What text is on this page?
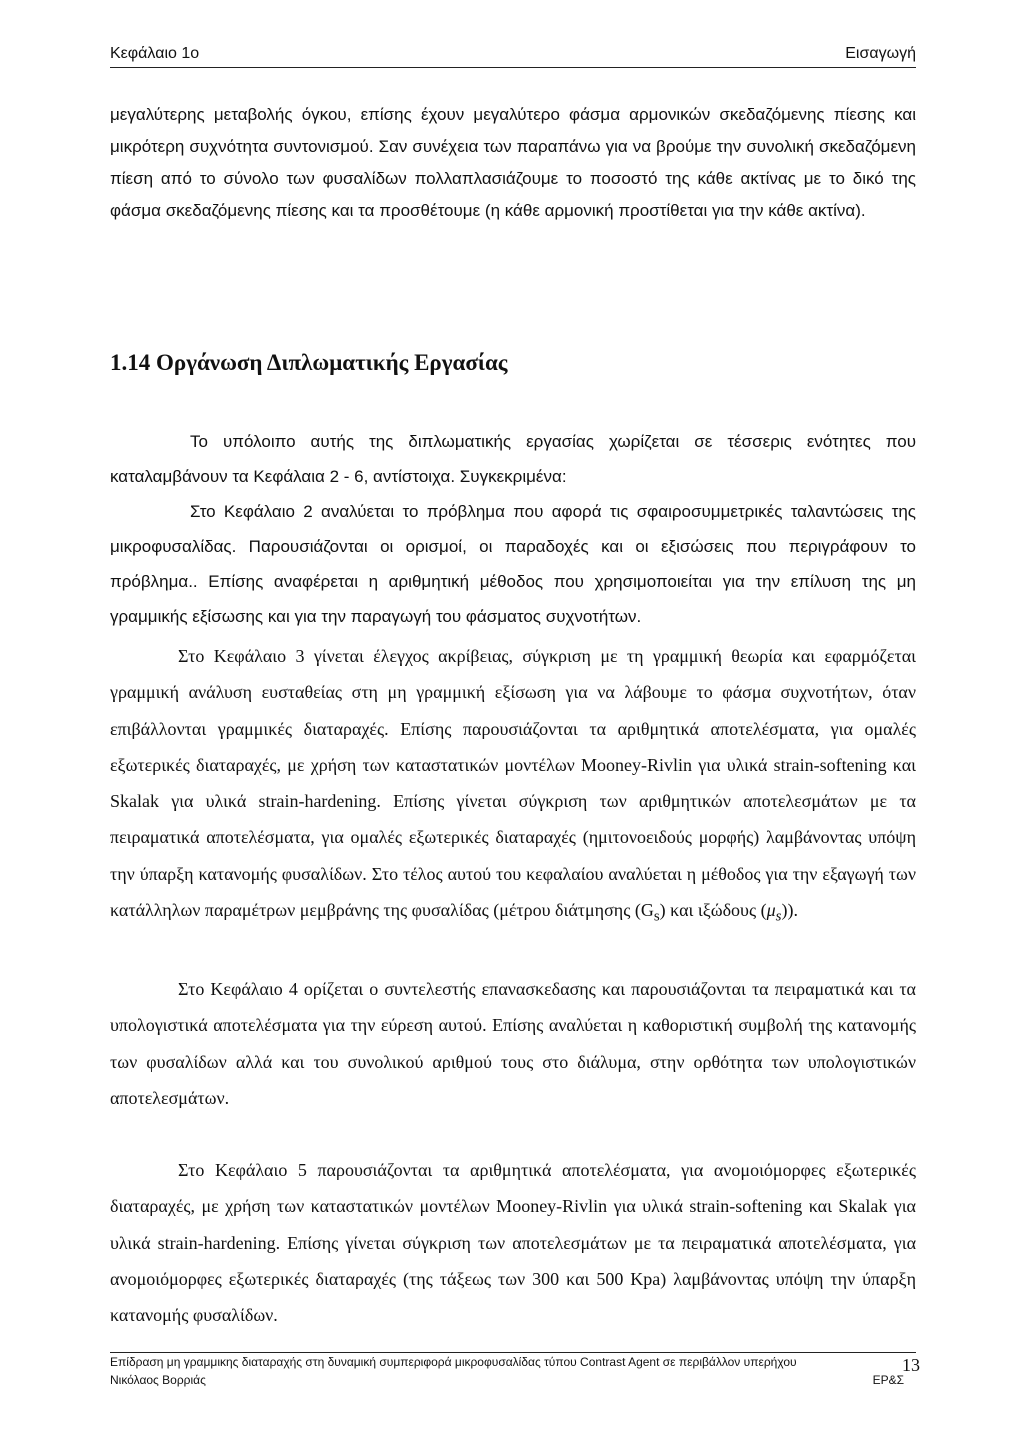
Κεφάλαιο 1ο	Εισαγωγή
μεγαλύτερης μεταβολής όγκου, επίσης έχουν μεγαλύτερο φάσμα αρμονικών σκεδαζόμενης πίεσης και μικρότερη συχνότητα συντονισμού. Σαν συνέχεια των παραπάνω για να βρούμε την συνολική σκεδαζόμενη πίεση από το σύνολο των φυσαλίδων πολλαπλασιάζουμε το ποσοστό της κάθε ακτίνας με το δικό της φάσμα σκεδαζόμενης πίεσης και τα προσθέτουμε (η κάθε αρμονική προστίθεται για την κάθε ακτίνα).
1.14 Οργάνωση Διπλωματικής Εργασίας

Το υπόλοιπο αυτής της διπλωματικής εργασίας χωρίζεται σε τέσσερις ενότητες που καταλαμβάνουν τα Κεφάλαια 2 - 6, αντίστοιχα. Συγκεκριμένα:

Στο Κεφάλαιο 2 αναλύεται το πρόβλημα που αφορά τις σφαιροσυμμετρικές ταλαντώσεις της μικροφυσαλίδας. Παρουσιάζονται οι ορισμοί, οι παραδοχές και οι εξισώσεις που περιγράφουν το πρόβλημα.. Επίσης αναφέρεται η αριθμητική μέθοδος που χρησιμοποιείται για την επίλυση της μη γραμμικής εξίσωσης και για την παραγωγή του φάσματος συχνοτήτων.

Στο Κεφάλαιο 3 γίνεται έλεγχος ακρίβειας, σύγκριση με τη γραμμική θεωρία και εφαρμόζεται γραμμική ανάλυση ευσταθείας στη μη γραμμική εξίσωση για να λάβουμε το φάσμα συχνοτήτων, όταν επιβάλλονται γραμμικές διαταραχές. Επίσης παρουσιάζονται τα αριθμητικά αποτελέσματα, για ομαλές εξωτερικές διαταραχές, με χρήση των καταστατικών μοντέλων Mooney-Rivlin για υλικά strain-softening και Skalak για υλικά strain-hardening. Επίσης γίνεται σύγκριση των αριθμητικών αποτελεσμάτων με τα πειραματικά αποτελέσματα, για ομαλές εξωτερικές διαταραχές (ημιτονοειδούς μορφής) λαμβάνοντας υπόψη την ύπαρξη κατανομής φυσαλίδων. Στο τέλος αυτού του κεφαλαίου αναλύεται η μέθοδος για την εξαγωγή των κατάλληλων παραμέτρων μεμβράνης της φυσαλίδας (μέτρου διάτμησης $(G_s)$ και ιξώδους $(\mu_s)$).

Στο Κεφάλαιο 4 ορίζεται ο συντελεστής επανασκεδασης και παρουσιάζονται τα πειραματικά και τα υπολογιστικά αποτελέσματα για την εύρεση αυτού. Επίσης αναλύεται η καθοριστική συμβολή της κατανομής των φυσαλίδων αλλά και του συνολικού αριθμού τους στο διάλυμα, στην ορθότητα των υπολογιστικών αποτελεσμάτων.

Στο Κεφάλαιο 5 παρουσιάζονται τα αριθμητικά αποτελέσματα, για ανομοιόμορφες εξωτερικές διαταραχές, με χρήση των καταστατικών μοντέλων Mooney-Rivlin για υλικά strain-softening και Skalak για υλικά strain-hardening. Επίσης γίνεται σύγκριση των αποτελεσμάτων με τα πειραματικά αποτελέσματα, για ανομοιόμορφες εξωτερικές διαταραχές (της τάξεως των 300 και 500 Kpa) λαμβάνοντας υπόψη την ύπαρξη κατανομής φυσαλίδων.

Επίδραση μη γραμμικης διαταραχής στη δυναμική συμπεριφορά μικροφυσαλίδας τύπου Contrast Agent σε περιβάλλον υπερήχου
Νικόλαος Βορριάς	ΕΡ&Σ
13
